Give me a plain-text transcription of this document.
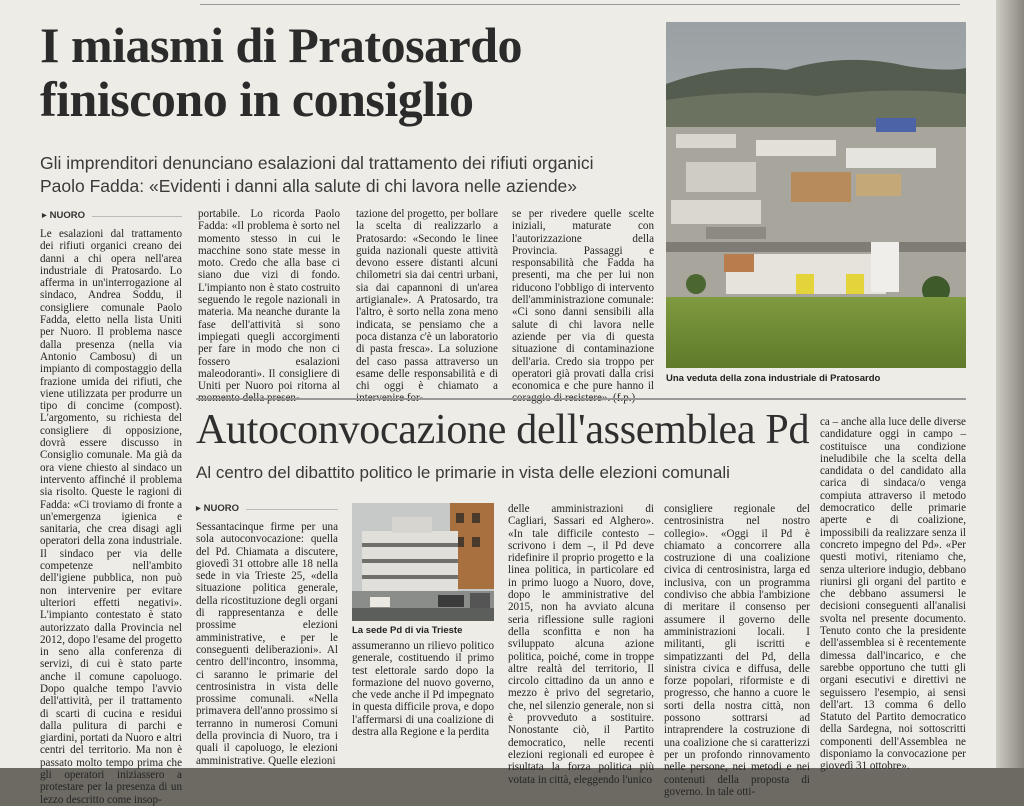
I miasmi di Pratosardo finiscono in consiglio
Gli imprenditori denunciano esalazioni dal trattamento dei rifiuti organici
Paolo Fadda: «Evidenti i danni alla salute di chi lavora nelle aziende»
▶ NUORO
Le esalazioni dal trattamento dei rifiuti organici creano dei danni a chi opera nell'area industriale di Pratosardo. Lo afferma in un'interrogazione al sindaco, Andrea Soddu, il consigliere comunale Paolo Fadda, eletto nella lista Uniti per Nuoro. Il problema nasce dalla presenza (nella via Antonio Cambosu) di un impianto di compostaggio della frazione umida dei rifiuti, che viene utilizzata per produrre un tipo di concime (compost). L'argomento, su richiesta del consigliere di opposizione, dovrà essere discusso in Consiglio comunale. Ma già da ora viene chiesto al sindaco un intervento affinché il problema sia risolto. Queste le ragioni di Fadda: «Ci troviamo di fronte a un'emergenza igienica e sanitaria, che crea disagi agli operatori della zona industriale. Il sindaco per via delle competenze nell'ambito dell'igiene pubblica, non può non intervenire per evitare ulteriori effetti negativi». L'impianto contestato è stato autorizzato dalla Provincia nel 2012, dopo l'esame del progetto in seno alla conferenza di servizi, di cui è stato parte anche il comune capoluogo. Dopo qualche tempo l'avvio dell'attività, per il trattamento di scarti di cucina e residui dalla pulitura di parchi e giardini, portati da Nuoro e altri centri del territorio. Ma non è passato molto tempo prima che gli operatori iniziassero a protestare per la presenza di un lezzo descritto come insop-
portabile. Lo ricorda Paolo Fadda: «Il problema è sorto nel momento stesso in cui le macchine sono state messe in moto. Credo che alla base ci siano due vizi di fondo. L'impianto non è stato costruito seguendo le regole nazionali in materia. Ma neanche durante la fase dell'attività si sono impiegati quegli accorgimenti per fare in modo che non ci fossero esalazioni maleodoranti». Il consigliere di Uniti per Nuoro poi ritorna al
tazione del progetto, per bollare la scelta di realizzarlo a Pratosardo: «Secondo le linee guida nazionali queste attività devono essere distanti alcuni chilometri sia dai centri urbani, sia dai capannoni di un'area artigianale». A Pratosardo, tra l'altro, è sorto nella zona meno indicata, se pensiamo che a poca distanza c'è un laboratorio di pasta fresca». La soluzione del caso passa attraverso un esame delle responsabilità e di chi oggi è chiamato a
se per rivedere quelle scelte iniziali, maturate con l'autorizzazione della Provincia. Passaggi e responsabilità che Fadda ha presenti, ma che per lui non riducono l'obbligo di intervento dell'amministrazione comunale: «Ci sono danni sensibili alla salute di chi lavora nelle aziende per via di questa situazione di contaminazione dell'aria. Credo sia troppo per operatori già provati dalla crisi economica e che pure hanno il
Una veduta della zona industriale di Pratosardo
Autoconvocazione dell'assemblea Pd
Al centro del dibattito politico le primarie in vista delle elezioni comunali
▶ NUORO
Sessantacinque firme per una sola autoconvocazione: quella del Pd. Chiamata a discutere, giovedì 31 ottobre alle 18 nella sede in via Trieste 25, «della situazione politica generale, della ricostituzione degli organi di rappresentanza e delle prossime elezioni amministrative, e per le conseguenti deliberazioni». Al centro dell'incontro, insomma, ci saranno le primarie del centrosinistra in vista delle prossime comunali. «Nella primavera dell'anno prossimo si terranno in numerosi Comuni della provincia di Nuoro, tra i quali il capoluogo, le elezioni amministrative. Quelle elezioni
La sede Pd di via Trieste
assumeranno un rilievo politico generale, costituendo il primo test elettorale sardo dopo la formazione del nuovo governo, che vede anche il Pd impegnato in questa difficile prova, e dopo l'affermarsi di una coalizione di destra alla Regione e la perdita
delle amministrazioni di Cagliari, Sassari ed Alghero». «In tale difficile contesto – scrivono i dem –, il Pd deve ridefinire il proprio progetto e la linea politica, in particolare ed in primo luogo a Nuoro, dove, dopo le amministrative del 2015, non ha avviato alcuna seria riflessione sulle ragioni della sconfitta e non ha sviluppato alcuna azione politica, poiché, come in troppe altre realtà del territorio, Il circolo cittadino da un anno e mezzo è privo del segretario, che, nel silenzio generale, non si è provveduto a sostituire. Nonostante ciò, il Partito democratico, nelle recenti elezioni regionali ed europee è risultata la forza politica più votata in città, eleggendo l'unico
consigliere regionale del centrosinistra nel nostro collegio». «Oggi il Pd è chiamato a concorrere alla costruzione di una coalizione civica di centrosinistra, larga ed inclusiva, con un programma condiviso che abbia l'ambizione di meritare il consenso per assumere il governo delle amministrazioni locali. I militanti, gli iscritti e simpatizzanti del Pd, della sinistra civica e diffusa, delle forze popolari, riformiste e di progresso, che hanno a cuore le sorti della nostra città, non possono sottrarsi ad intraprendere la costruzione di una coalizione che si caratterizzi per un profondo rinnovamento nelle persone, nei metodi e nei contenuti della proposta di governo. In tale otti-
ca – anche alla luce delle diverse candidature oggi in campo – costituisce una condizione ineludibile che la scelta della candidata o del candidato alla carica di sindaca/o venga compiuta attraverso il metodo democratico delle primarie aperte e di coalizione, impossibili da realizzare senza il concreto impegno del Pd». «Per questi motivi, riteniamo che, senza ulteriore indugio, debbano riunirsi gli organi del partito e che debbano assumersi le decisioni conseguenti all'analisi svolta nel presente documento. Tenuto conto che la presidente dell'assemblea si è recentemente dimessa dall'incarico, e che sarebbe opportuno che tutti gli organi esecutivi e direttivi ne seguissero l'esempio, ai sensi dell'art. 13 comma 6 dello Statuto del Partito democratico della Sardegna, noi sottoscritti componenti dell'Assemblea ne disponiamo la convocazione per giovedì 31 ottobre».
